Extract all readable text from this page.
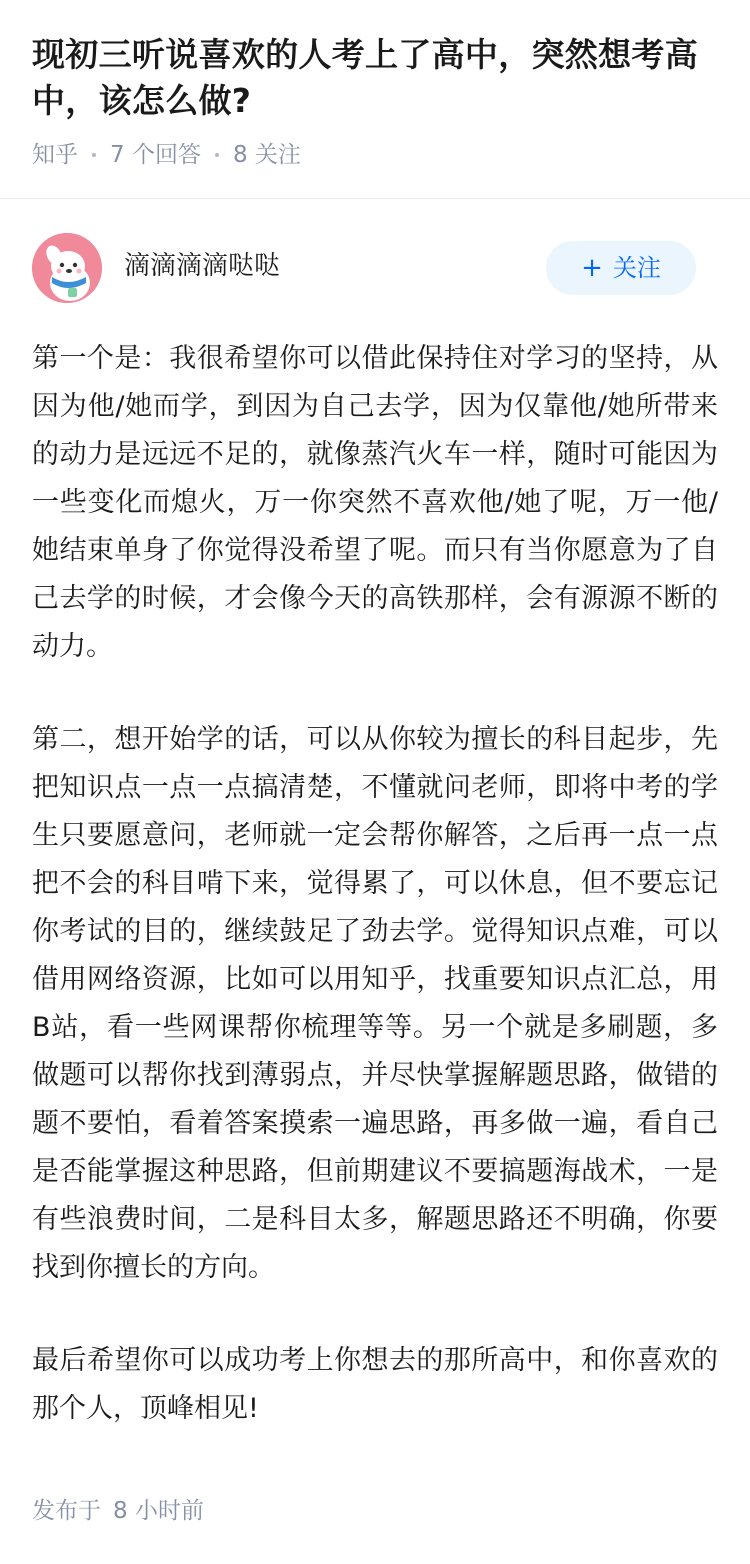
现初三听说喜欢的人考上了高中，突然想考高中，该怎么做?
知乎 7 个回答 8 关注
滴滴滴滴哒哒	+ 关注

第一个是：我很希望你可以借此保持住对学习的坚持，从因为他/她而学，到因为自己去学，因为仅靠他/她所带来的动力是远远不足的，就像蒸汽火车一样，随时可能因为一些变化而熄火，万一你突然不喜欢他/她了呢，万一他/她结束单身了你觉得没希望了呢。而只有当你愿意为了自己去学的时候，才会像今天的高铁那样，会有源源不断的动力。

第二，想开始学的话，可以从你较为擅长的科目起步，先把知识点一点一点搞清楚，不懂就问老师，即将中考的学生只要愿意问，老师就一定会帮你解答，之后再一点一点把不会的科目啃下来，觉得累了，可以休息，但不要忘记你考试的目的，继续鼓足了劲去学。觉得知识点难，可以借用网络资源，比如可以用知乎，找重要知识点汇总，用B站，看一些网课帮你梳理等等。另一个就是多刷题，多做题可以帮你找到薄弱点，并尽快掌握解题思路，做错的题不要怕，看着答案摸索一遍思路，再多做一遍，看自己是否能掌握这种思路，但前期建议不要搞题海战术，一是有些浪费时间，二是科目太多，解题思路还不明确，你要找到你擅长的方向。

最后希望你可以成功考上你想去的那所高中，和你喜欢的那个人，顶峰相见!

发布于 8 小时前
